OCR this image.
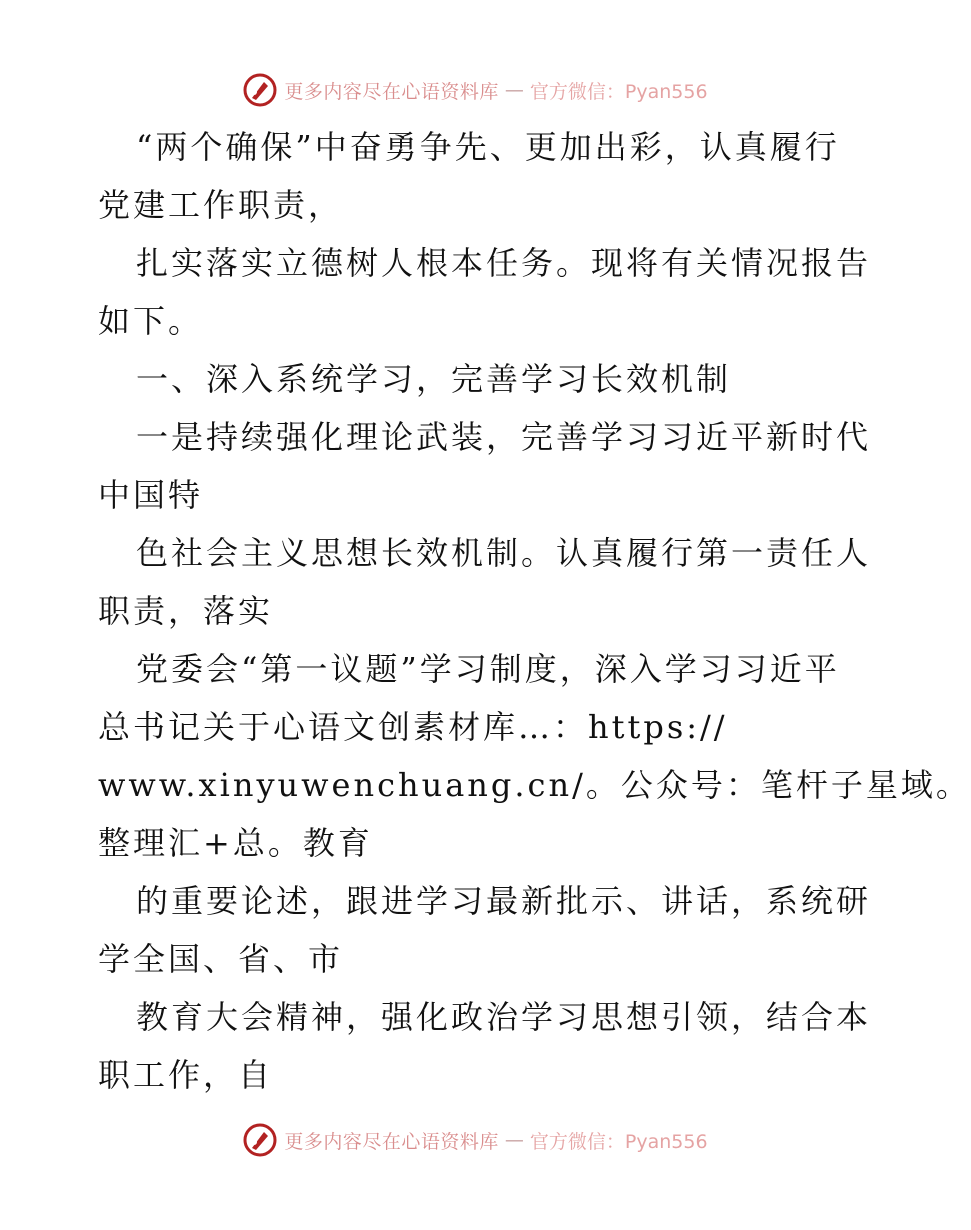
更多内容尽在心语资料库 — 官方微信：Pyan556
“两个确保”中奋勇争先、更加出彩，认真履行
党建工作职责，
扎实落实立德树人根本任务。现将有关情况报告
如下。
一、深入系统学习，完善学习长效机制
一是持续强化理论武装，完善学习习近平新时代
中国特
色社会主义思想长效机制。认真履行第一责任人
职责，落实
党委会“第一议题”学习制度，深入学习习近平
总书记关于心语文创素材库…：https://
www.xinyuwenchuang.cn/。公众号：笔杆子星域。
整理汇+总。教育
的重要论述，跟进学习最新批示、讲话，系统研
学全国、省、市
教育大会精神，强化政治学习思想引领，结合本
职工作，自
更多内容尽在心语资料库 — 官方微信：Pyan556
